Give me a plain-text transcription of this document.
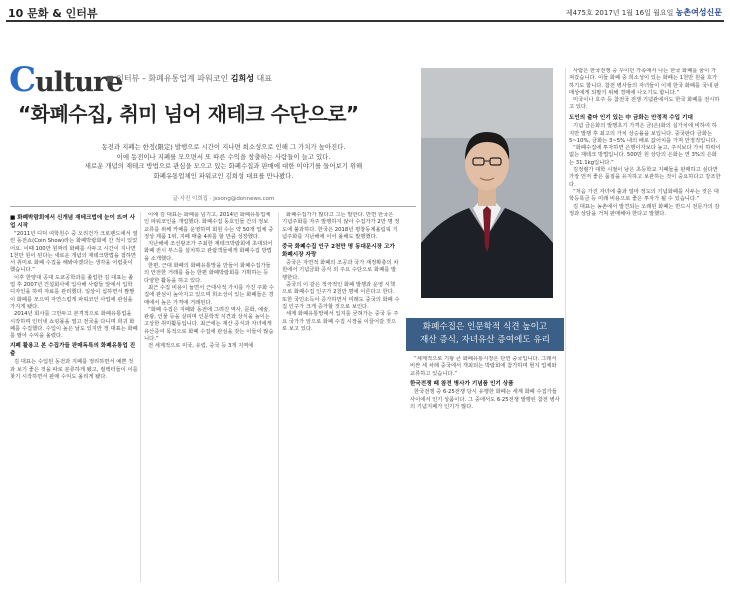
10 문화 & 인터뷰	제475호 2017년 1월 16일 월요일 농촌여성신문
Culture
■ 인터뷰 – 화폐유통업계 파워코인 김희성 대표
“화폐수집, 취미 넘어 재테크 수단으로”
동전과 지폐는 한정(限定) 발행으로 시간이 지나면 희소성으로 인해 그 가치가 높아진다.
이에 동전이나 지폐를 모으면서 또 따른 수익을 창출하는 사람들이 늘고 있다.
새로운 개념의 재테크 방법으로 관심을 모으고 있는 화폐수집과 판매에 대한 이야기를 들어보기 위해
화폐유통업체인 파워코인 김희성 대표를 만나봤다.
글·사진 이희집 · jssong@donnews.com
■ 화폐박람회에서 신개념 재테크법에 눈이 뜨여 사업 시작

“2011년 디딕 여학원수 중 오리건가 크로렌드에서 열린 동전쇼(Coin Show)라는 화폐박람회에 간 적이 있었어요. 이때 100만 원짜리 화폐를 사두고 시간이 지나면 1천만 원이 된다는 새로운 개념의 재테크방법을 접하면서 취미로 화폐 수집을 해봐야겠다는 생각을 어렴풋이 했습니다.”

이후 한양대 공대 도쿄공학과를 졸업한 김 대표는 졸업 후 2007년 건설회사에 입사해 사람들 앞에서 입학 디자인을 하며 자료를 관리했다. 일상이 십하면서 짬짬이 화폐를 모으며 자연스럽게 파워코인 사업에 관심을 가지게 됐다.

2014년 회사를 그만두고 본격적으로 화폐유통업을 시작하며 인터넷 쇼핑몰을 열고 전국을 다니며 희귀 화폐를 수집했다. 수입이 높은 날도 있지만 정 대표는 화폐를 팔아 수익을 올렸다.

지폐 활용고 본 수집가들 판매독특의 화폐유통업 진출

김 대표는 수입된 동전과 지폐를 정리하면서 예쁜 것과 보기 좋은 것을 따로 분류하게 됐고, 컬렉터들이 이를 찾기 시작하면서 판매 수익도 올리게 됐다.

이에 김 대표는 화폐를 넘기고, 2014년 화폐유통업체인 파워코인을 개업했다. 화폐수집 동호인들 간의 정보 교류를 위해 카페를 운영하며 회원 수는 약 50개 업체 중 정상 제품 1위, 지폐 매출 4위를 할 만큼 성장했다.

지난해에 조선왕조가 주최한 재테크박람회에 초대되어 화폐 전시 부스를 설치하고 관람객들에게 화폐수집 방법을 소개했다.

한편, 근대 화폐의 화폐유통망을 만들어 화폐수집가들의 안전한 거래를 돕는 한편 화폐박람회를 기획하는 등 다양한 활동을 하고 있다.

최근 수집 비용이 늘면서 근대사적 가치를 가진 주화 수집에 관심이 높아지고 있으며 희소성이 있는 화폐들은 경매에서 높은 가격에 거래된다.

“화폐 수집은 지폐와 동전에 그려진 역사, 문화, 예술, 관광, 인물 등을 살피며 인문학적 식견과 상식을 높이는 고상한 취미활동입니다. 최근에는 재산 증식과 자녀에게 유산증여 목적으로 화폐 수집에 관심을 갖는 이들이 많습니다.”

전 세계적으로 미국, 유럽, 중국 등 3개 지역에

화폐수집가가 많다고 그는 말한다. 반면 한국은 기념주화를 자주 발행하지 않아 수집가가 2만 명 정도에 불과하다. 한국은 2018년 평창동계올림픽 기념주화를 지난해에 이어 올해도 발행했다.

중국 화폐수집 인구 2천만 명 동대문시장 고가 화폐시장 자랑

중국은 자연적 화폐의 조공과 국가 재정확충의 차원에서 기념금화 증식 외 주요 수단으로 화폐를 발행한다.

중국의 이 같은 적극적인 화폐 발행과 운영 시책으로 화폐수집 인구가 2천만 명에 이른다고 한다. 또한 국민소득이 증가하면서 미래도 중국의 화폐 수집 인구가 크게 증가할 것으로 보인다.

세계 화폐유통망에서 입지를 굳혀가는 중국 등 주요 국가가 앞으로 화폐 수집 시장을 이끌어갈 것으로 보고 있다.	화폐수집은 인문학적 식견 높이고
재산 증식, 자녀유산 증여에도 유리

“세계적으로 기왕 큰 화폐유통시장은 단연 중국입니다. 그래서 비싼 세 차례 중국에서 개최되는 박람회에 참가하며 현지 업체와 교류하고 있습니다.”

한국전쟁 때 참전 병사가 기념품 인기 상품

한국전쟁 중 6·25전쟁 당시 유행한 화폐는 세계 화폐 수집가들 사이에서 인기 상품이다. 그 중에서도 6·25전쟁 발행된 참전 병사의 기념지폐가 인기가 많다.

사람은 한국전쟁 중 꾸이던 가족에서 나는 한국 화폐를 꿈이 가져갔습니다. 이들 화폐 중 희소성이 있는 화폐는 1천만 원을 호가하기도 합니다. 참전 병사들의 자녀들이 이제 한국 화폐를 국내 판매상에게 되팔기 위해 경매에 나오기도 합니다.”

미국이나 호주 등 참전국 전쟁 기념관에서도 한국 화폐를 전시하고 있다.

도인의 출마 인기 있는 中 금화는 안정적 수입 기대

기념 금은화의 발행초기 가격은 금(은)화의 실가치에 비하여 하지만 발행 후 최고의 가치 상승률을 보입니다. 중국판다 금화는 5~10%, 금화는 3~5% 내의 배로 값어치를 가져 안정적입니다.

“화폐수집에 투자하면 은행이자보다 높고, 주식보다 가치 하락이 없는 재테크 방법입니다. 500만 원 상당의 은화는 연 3%의 은화는 31.1kg입니다.”

김정렬가 대학 시절이 남은 초등학교 지폐들을 판매하고 싶다면 가장 먼저 좋은 품질을 유지하고 보관하는 것이 중요하다고 강조한다.

“처음 가진 자녀에 출과 얼마 정도의 기념화폐를 사두는 것은 대학등록금 등 미래 비용으로 좋은 투자가 될 수 있습니다.”

김 대표는 농촌에서 발견되는 오래된 화폐는 반드시 전문가의 감정과 상담을 거쳐 판매해야 한다고 말했다.
